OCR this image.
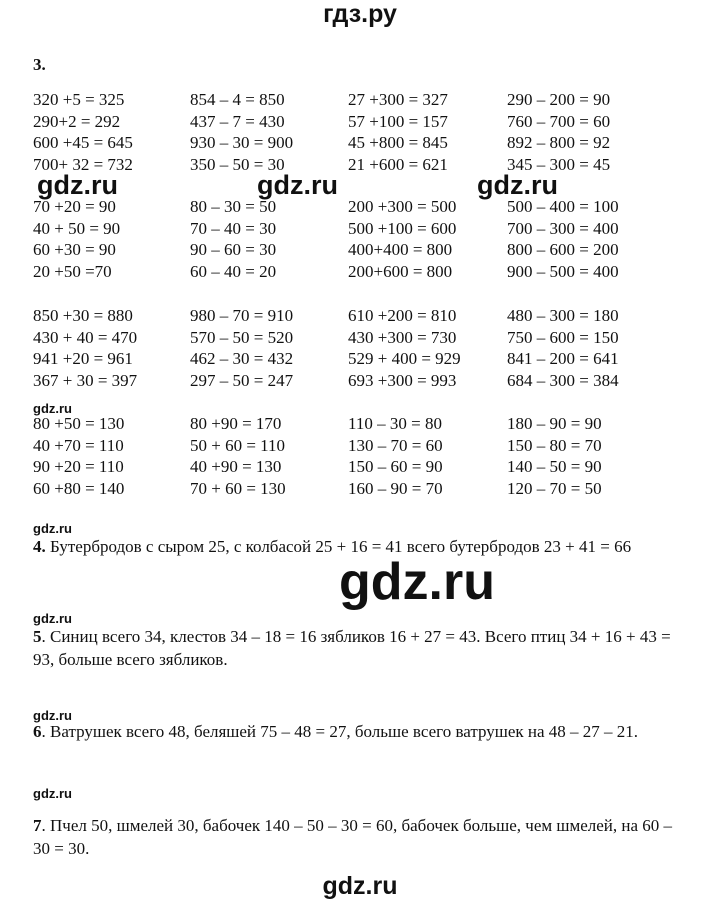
гдз.ру
3.
320 +5 = 325
290+2 = 292
600 +45 = 645
700+ 32 = 732
854 – 4 = 850
437 – 7 = 430
930 – 30 = 900
350 – 50 = 30
27 +300 = 327
57 +100 = 157
45 +800 = 845
21 +600 = 621
290 – 200 = 90
760 – 700 = 60
892 – 800 = 92
345 – 300 = 45
gdz.ru	gdz.ru	gdz.ru
70 +20 = 90
40 + 50 = 90
60 +30 = 90
20 +50 =70
80 – 30 = 50
70 – 40 = 30
90 – 60 = 30
60 – 40 = 20
200 +300 = 500
500 +100 = 600
400+400 = 800
200+600 = 800
500 – 400 = 100
700 – 300 = 400
800 – 600 = 200
900 – 500 = 400
850 +30 = 880
430 + 40 = 470
941 +20 = 961
367 + 30 = 397
980 – 70 = 910
570 – 50 = 520
462 – 30 = 432
297 – 50 = 247
610 +200 = 810
430 +300 = 730
529 + 400 = 929
693 +300 = 993
480 – 300 = 180
750 – 600 = 150
841 – 200 = 641
684 – 300 = 384
gdz.ru
80 +50 = 130
40 +70 = 110
90 +20 = 110
60 +80 = 140
80 +90 = 170
50 + 60 = 110
40 +90 = 130
70 + 60 = 130
110 – 30 = 80
130 – 70 = 60
150 – 60 = 90
160 – 90 = 70
180 – 90 = 90
150 – 80 = 70
140 – 50 = 90
120 – 70 = 50
gdz.ru
4. Бутербродов с сыром 25, с колбасой 25 + 16 = 41 всего бутербродов 23 + 41 = 66
gdz.ru
gdz.ru
5. Синиц всего 34, клестов 34 – 18 = 16 зябликов 16 + 27 = 43. Всего птиц 34 + 16 + 43 = 93, больше всего зябликов.
gdz.ru
6. Ватрушек всего 48, беляшей 75 – 48 = 27, больше всего ватрушек на 48 – 27 – 21.
gdz.ru
7. Пчел 50, шмелей 30, бабочек 140 – 50 – 30 = 60, бабочек больше, чем шмелей, на 60 – 30 = 30.
gdz.ru
